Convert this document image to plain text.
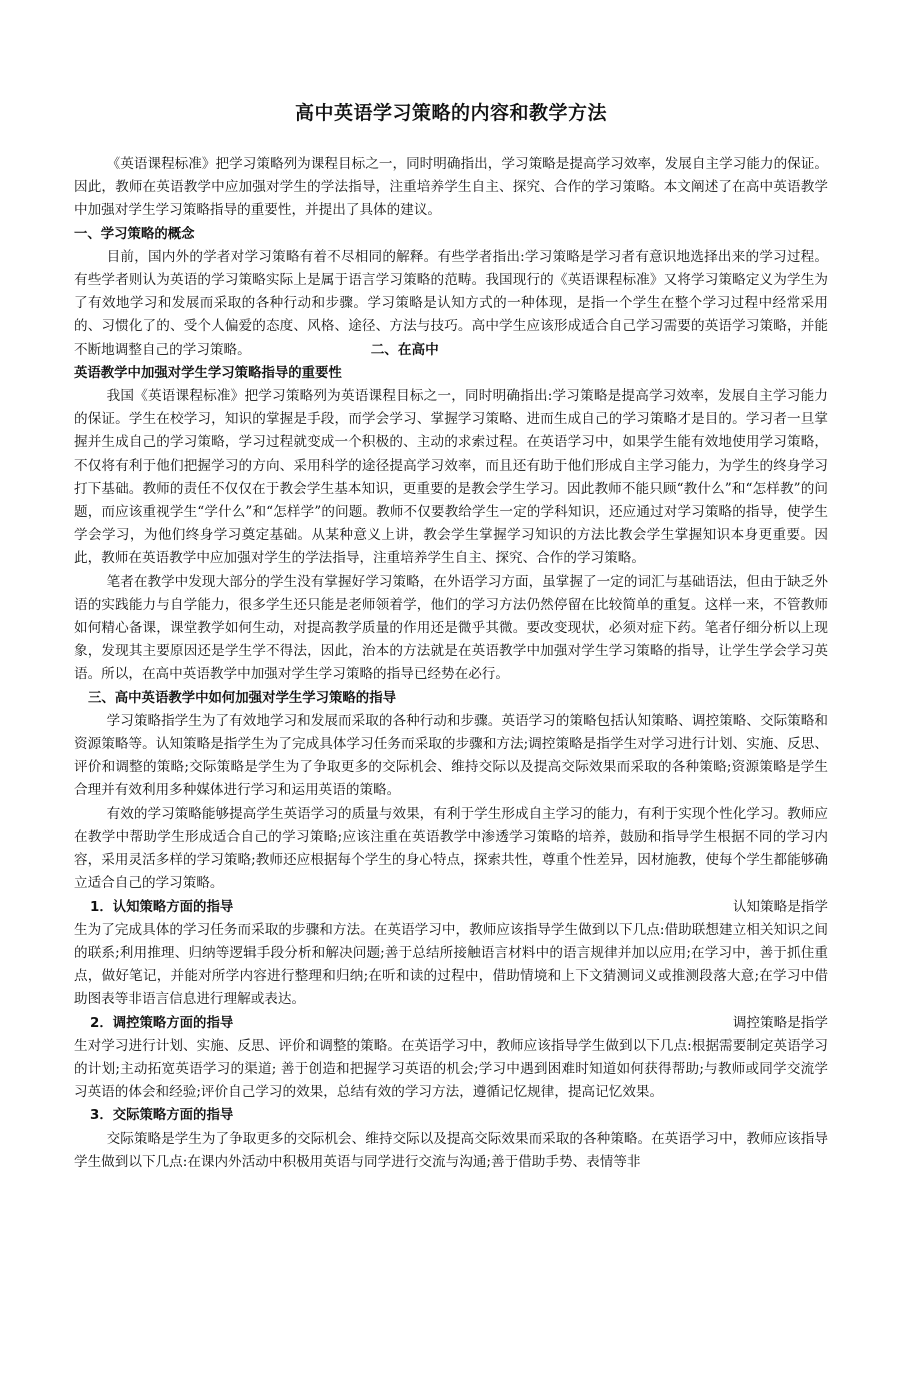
高中英语学习策略的内容和教学方法

《英语课程标准》把学习策略列为课程目标之一，同时明确指出，学习策略是提高学习效率，发展自主学习能力的保证。因此，教师在英语教学中应加强对学生的学法指导，注重培养学生自主、探究、合作的学习策略。本文阐述了在高中英语教学中加强对学生学习策略指导的重要性，并提出了具体的建议。

一、学习策略的概念

目前，国内外的学者对学习策略有着不尽相同的解释。有些学者指出:学习策略是学习者有意识地选择出来的学习过程。有些学者则认为英语的学习策略实际上是属于语言学习策略的范畴。我国现行的《英语课程标准》又将学习策略定义为学生为了有效地学习和发展而采取的各种行动和步骤。学习策略是认知方式的一种体现，是指一个学生在整个学习过程中经常采用的、习惯化了的、受个人偏爱的态度、风格、途径、方法与技巧。高中学生应该形成适合自己学习需要的英语学习策略，并能不断地调整自己的学习策略。	二、在高中

英语教学中加强对学生学习策略指导的重要性

我国《英语课程标准》把学习策略列为英语课程目标之一，同时明确指出:学习策略是提高学习效率，发展自主学习能力的保证。学生在校学习，知识的掌握是手段，而学会学习、掌握学习策略、进而生成自己的学习策略才是目的。学习者一旦掌握并生成自己的学习策略，学习过程就变成一个积极的、主动的求索过程。在英语学习中，如果学生能有效地使用学习策略，不仅将有利于他们把握学习的方向、采用科学的途径提高学习效率，而且还有助于他们形成自主学习能力，为学生的终身学习打下基础。教师的责任不仅仅在于教会学生基本知识，更重要的是教会学生学习。因此教师不能只顾“教什么”和“怎样教”的问题，而应该重视学生“学什么”和“怎样学”的问题。教师不仅要教给学生一定的学科知识，还应通过对学习策略的指导，使学生学会学习，为他们终身学习奠定基础。从某种意义上讲，教会学生掌握学习知识的方法比教会学生掌握知识本身更重要。因此，教师在英语教学中应加强对学生的学法指导，注重培养学生自主、探究、合作的学习策略。

笔者在教学中发现大部分的学生没有掌握好学习策略，在外语学习方面，虽掌握了一定的词汇与基础语法，但由于缺乏外语的实践能力与自学能力，很多学生还只能是老师领着学，他们的学习方法仍然停留在比较简单的重复。这样一来，不管教师如何精心备课，课堂教学如何生动，对提高教学质量的作用还是微乎其微。要改变现状，必须对症下药。笔者仔细分析以上现象，发现其主要原因还是学生学不得法，因此，治本的方法就是在英语教学中加强对学生学习策略的指导，让学生学会学习英语。所以，在高中英语教学中加强对学生学习策略的指导已经势在必行。

三、高中英语教学中如何加强对学生学习策略的指导

学习策略指学生为了有效地学习和发展而采取的各种行动和步骤。英语学习的策略包括认知策略、调控策略、交际策略和资源策略等。认知策略是指学生为了完成具体学习任务而采取的步骤和方法;调控策略是指学生对学习进行计划、实施、反思、评价和调整的策略;交际策略是学生为了争取更多的交际机会、维持交际以及提高交际效果而采取的各种策略;资源策略是学生合理并有效利用多种媒体进行学习和运用英语的策略。

有效的学习策略能够提高学生英语学习的质量与效果，有利于学生形成自主学习的能力，有利于实现个性化学习。教师应在教学中帮助学生形成适合自己的学习策略;应该注重在英语教学中渗透学习策略的培养，鼓励和指导学生根据不同的学习内容，采用灵活多样的学习策略;教师还应根据每个学生的身心特点，探索共性，尊重个性差异，因材施教，使每个学生都能够确立适合自己的学习策略。

1．认知策略方面的指导	认知策略是指学

生为了完成具体的学习任务而采取的步骤和方法。在英语学习中，教师应该指导学生做到以下几点:借助联想建立相关知识之间的联系;利用推理、归纳等逻辑手段分析和解决问题;善于总结所接触语言材料中的语言规律并加以应用;在学习中，善于抓住重点，做好笔记，并能对所学内容进行整理和归纳;在听和读的过程中，借助情境和上下文猜测词义或推测段落大意;在学习中借助图表等非语言信息进行理解或表达。

2．调控策略方面的指导	调控策略是指学

生对学习进行计划、实施、反思、评价和调整的策略。在英语学习中，教师应该指导学生做到以下几点:根据需要制定英语学习的计划;主动拓宽英语学习的渠道; 善于创造和把握学习英语的机会;学习中遇到困难时知道如何获得帮助;与教师或同学交流学习英语的体会和经验;评价自己学习的效果，总结有效的学习方法，遵循记忆规律，提高记忆效果。

3．交际策略方面的指导

交际策略是学生为了争取更多的交际机会、维持交际以及提高交际效果而采取的各种策略。在英语学习中，教师应该指导学生做到以下几点:在课内外活动中积极用英语与同学进行交流与沟通;善于借助手势、表情等非
